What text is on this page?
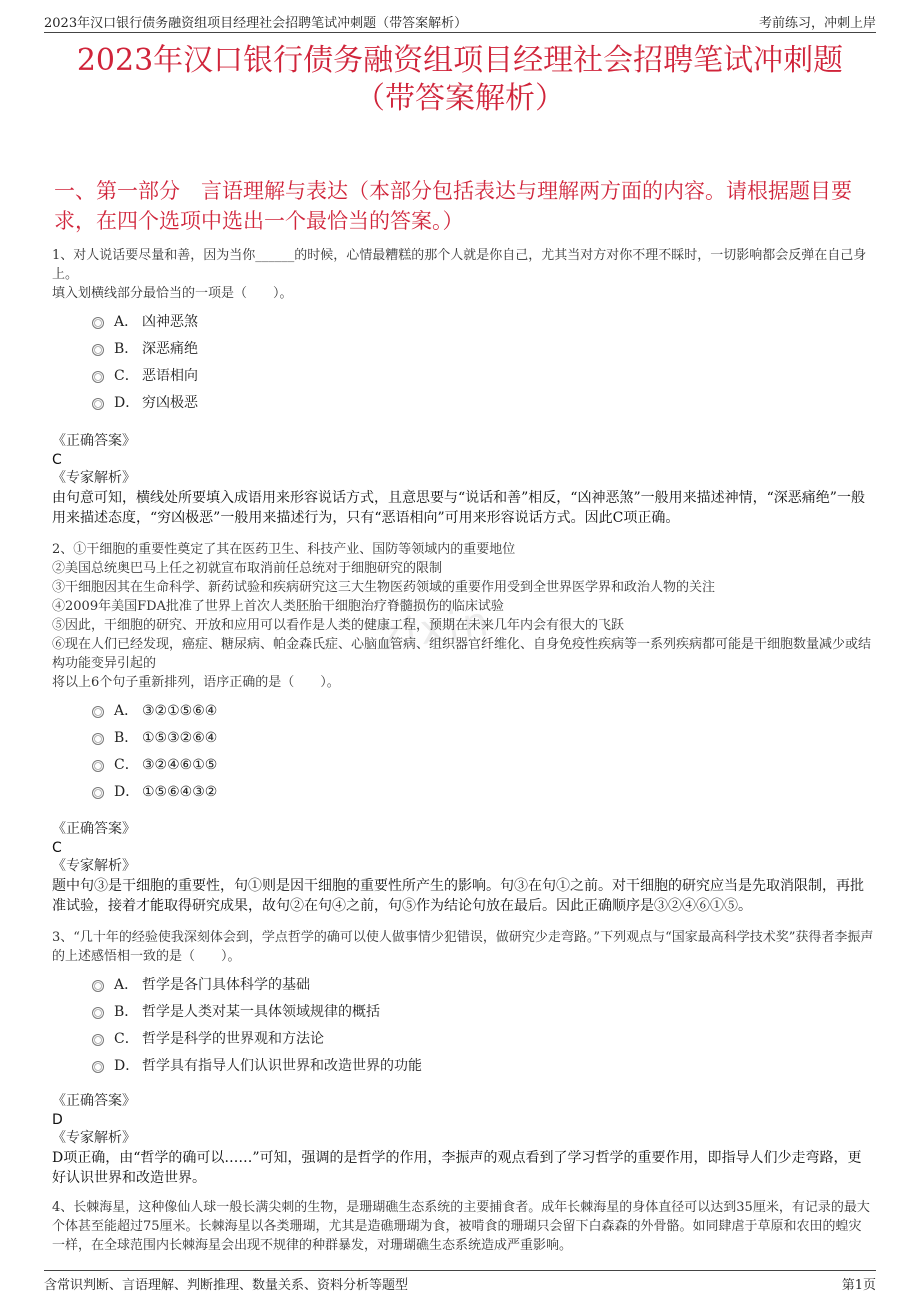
2023年汉口银行债务融资组项目经理社会招聘笔试冲刺题（带答案解析）	考前练习，冲刺上岸
2023年汉口银行债务融资组项目经理社会招聘笔试冲刺题（带答案解析）
一、第一部分　言语理解与表达（本部分包括表达与理解两方面的内容。请根据题目要求，在四个选项中选出一个最恰当的答案。）
zixin

1、对人说话要尽量和善，因为当你______的时候，心情最糟糕的那个人就是你自己，尤其当对方对你不理不睬时，一切影响都会反弹在自己身上。

填入划横线部分最恰当的一项是（　　）。

A． 凶神恶煞
B． 深恶痛绝
C． 恶语相向
D． 穷凶极恶

《正确答案》

C

《专家解析》

由句意可知，横线处所要填入成语用来形容说话方式，且意思要与“说话和善”相反，“凶神恶煞”一般用来描述神情，“深恶痛绝”一般用来描述态度，“穷凶极恶”一般用来描述行为，只有“恶语相向”可用来形容说话方式。因此C项正确。

2、①干细胞的重要性奠定了其在医药卫生、科技产业、国防等领域内的重要地位

②美国总统奥巴马上任之初就宣布取消前任总统对于细胞研究的限制

③干细胞因其在生命科学、新药试验和疾病研究这三大生物医药领域的重要作用受到全世界医学界和政治人物的关注

④2009年美国FDA批准了世界上首次人类胚胎干细胞治疗脊髓损伤的临床试验

⑤因此，干细胞的研究、开放和应用可以看作是人类的健康工程，预期在未来几年内会有很大的飞跃

⑥现在人们已经发现，癌症、糖尿病、帕金森氏症、心脑血管病、组织器官纤维化、自身免疫性疾病等一系列疾病都可能是干细胞数量减少或结构功能变异引起的

将以上6个句子重新排列，语序正确的是（　　）。

A． ③②①⑤⑥④
B． ①⑤③②⑥④
C． ③②④⑥①⑤
D． ①⑤⑥④③②

《正确答案》

C

《专家解析》

题中句③是干细胞的重要性，句①则是因干细胞的重要性所产生的影响。句③在句①之前。对干细胞的研究应当是先取消限制，再批准试验，接着才能取得研究成果，故句②在句④之前，句⑤作为结论句放在最后。因此正确顺序是③②④⑥①⑤。

3、“几十年的经验使我深刻体会到，学点哲学的确可以使人做事情少犯错误，做研究少走弯路。”下列观点与“国家最高科学技术奖”获得者李振声的上述感悟相一致的是（　　）。

A． 哲学是各门具体科学的基础
B． 哲学是人类对某一具体领域规律的概括
C． 哲学是科学的世界观和方法论
D． 哲学具有指导人们认识世界和改造世界的功能

《正确答案》

D

《专家解析》

D项正确，由“哲学的确可以……”可知，强调的是哲学的作用，李振声的观点看到了学习哲学的重要作用，即指导人们少走弯路，更好认识世界和改造世界。

4、长棘海星，这种像仙人球一般长满尖刺的生物，是珊瑚礁生态系统的主要捕食者。成年长棘海星的身体直径可以达到35厘米，有记录的最大个体甚至能超过75厘米。长棘海星以各类珊瑚，尤其是造礁珊瑚为食，被啃食的珊瑚只会留下白森森的外骨骼。如同肆虐于草原和农田的蝗灾一样，在全球范围内长棘海星会出现不规律的种群暴发，对珊瑚礁生态系统造成严重影响。

含常识判断、言语理解、判断推理、数量关系、资料分析等题型	第1页
